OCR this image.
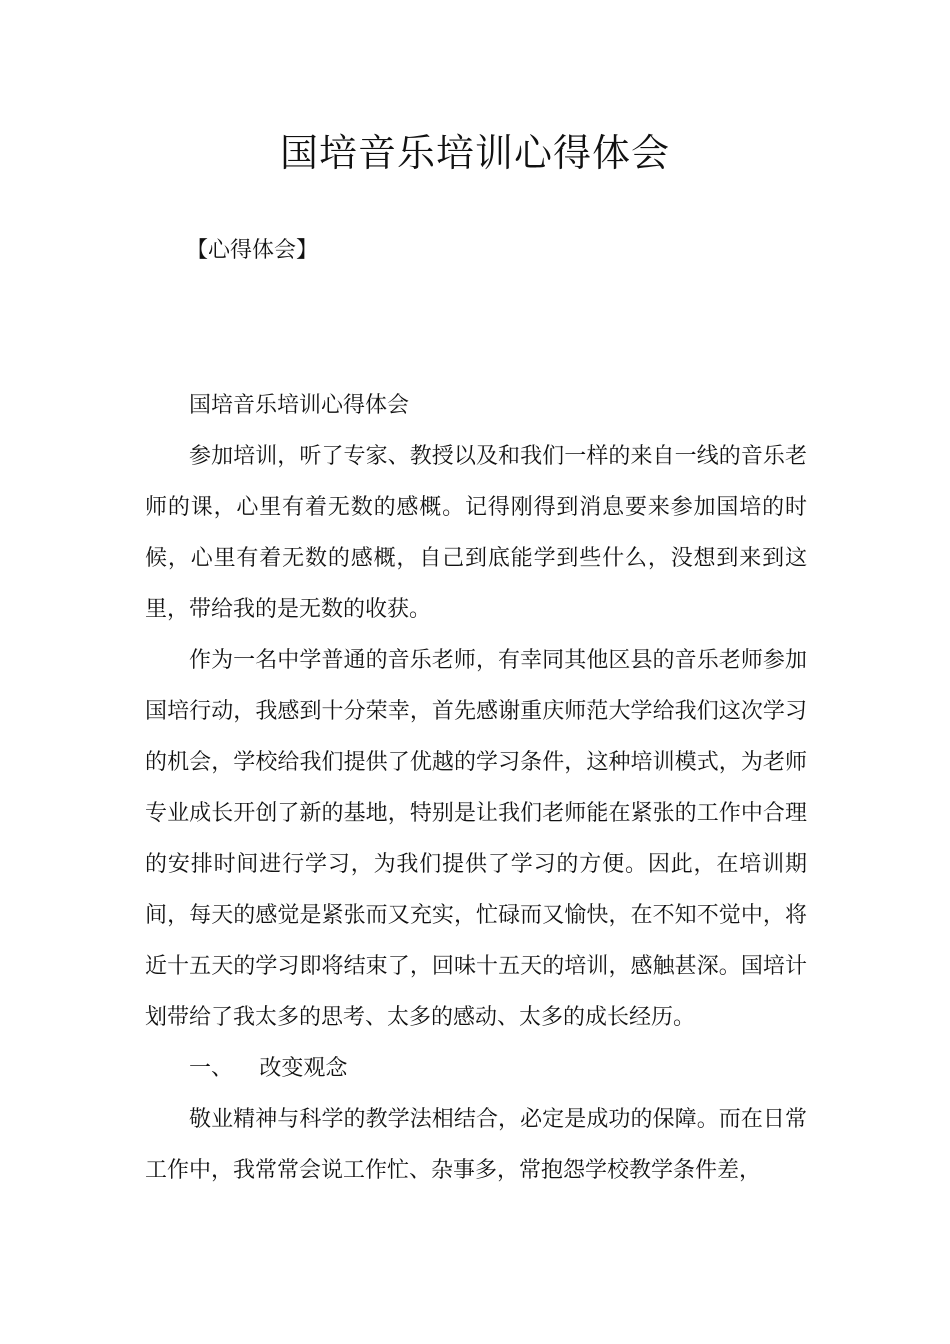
国培音乐培训心得体会
【心得体会】

国培音乐培训心得体会

参加培训，听了专家、教授以及和我们一样的来自一线的音乐老师的课，心里有着无数的感概。记得刚得到消息要来参加国培的时候，心里有着无数的感概，自己到底能学到些什么，没想到来到这里，带给我的是无数的收获。

作为一名中学普通的音乐老师，有幸同其他区县的音乐老师参加国培行动，我感到十分荣幸，首先感谢重庆师范大学给我们这次学习的机会，学校给我们提供了优越的学习条件，这种培训模式，为老师专业成长开创了新的基地，特别是让我们老师能在紧张的工作中合理的安排时间进行学习，为我们提供了学习的方便。因此，在培训期间，每天的感觉是紧张而又充实，忙碌而又愉快，在不知不觉中，将近十五天的学习即将结束了，回味十五天的培训，感触甚深。国培计划带给了我太多的思考、太多的感动、太多的成长经历。

一、 改变观念

敬业精神与科学的教学法相结合，必定是成功的保障。而在日常工作中，我常常会说工作忙、杂事多，常抱怨学校教学条件差，
